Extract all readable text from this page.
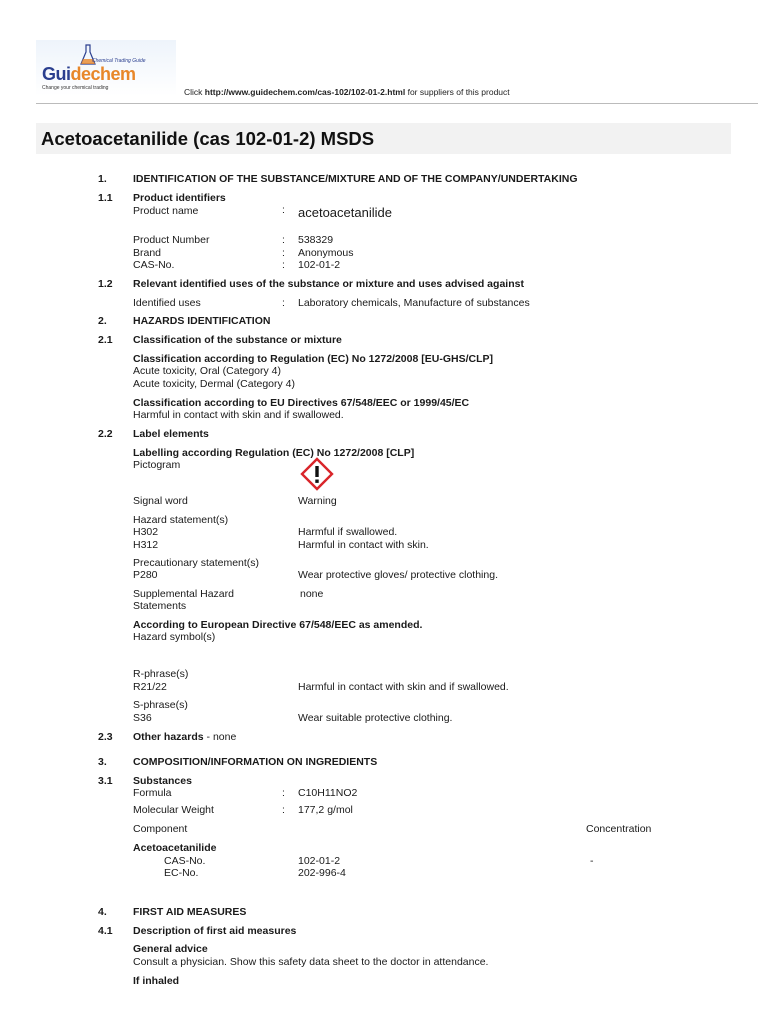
Chemical Trading Guide
Guidechem
Change your chemical trading	Click http://www.guidechem.com/cas-102/102-01-2.html for suppliers of this product
Acetoacetanilide (cas 102-01-2) MSDS
1. IDENTIFICATION OF THE SUBSTANCE/MIXTURE AND OF THE COMPANY/UNDERTAKING
1.1 Product identifiers
Product name	: acetoacetanilide
Product Number	: 538329
Brand	: Anonymous
CAS-No.	: 102-01-2
1.2 Relevant identified uses of the substance or mixture and uses advised against
Identified uses	: Laboratory chemicals, Manufacture of substances
2. HAZARDS IDENTIFICATION
2.1 Classification of the substance or mixture
Classification according to Regulation (EC) No 1272/2008 [EU-GHS/CLP]
Acute toxicity, Oral (Category 4)
Acute toxicity, Dermal (Category 4)
Classification according to EU Directives 67/548/EEC or 1999/45/EC
Harmful in contact with skin and if swallowed.
2.2 Label elements
Labelling according Regulation (EC) No 1272/2008 [CLP]
Pictogram
Signal word	Warning
Hazard statement(s)
H302	Harmful if swallowed.
H312	Harmful in contact with skin.
Precautionary statement(s)
P280	Wear protective gloves/ protective clothing.
Supplemental Hazard
Statements
none
According to European Directive 67/548/EEC as amended.
Hazard symbol(s)
R-phrase(s)
R21/22	Harmful in contact with skin and if swallowed.
S-phrase(s)
S36	Wear suitable protective clothing.
2.3 Other hazards - none
3. COMPOSITION/INFORMATION ON INGREDIENTS
3.1 Substances
Formula	: C10H11NO2
Molecular Weight	: 177,2 g/mol
Component	Concentration
Acetoacetanilide
CAS-No.	102-01-2	-
EC-No.	202-996-4
4. FIRST AID MEASURES
4.1 Description of first aid measures
General advice
Consult a physician. Show this safety data sheet to the doctor in attendance.
If inhaled
